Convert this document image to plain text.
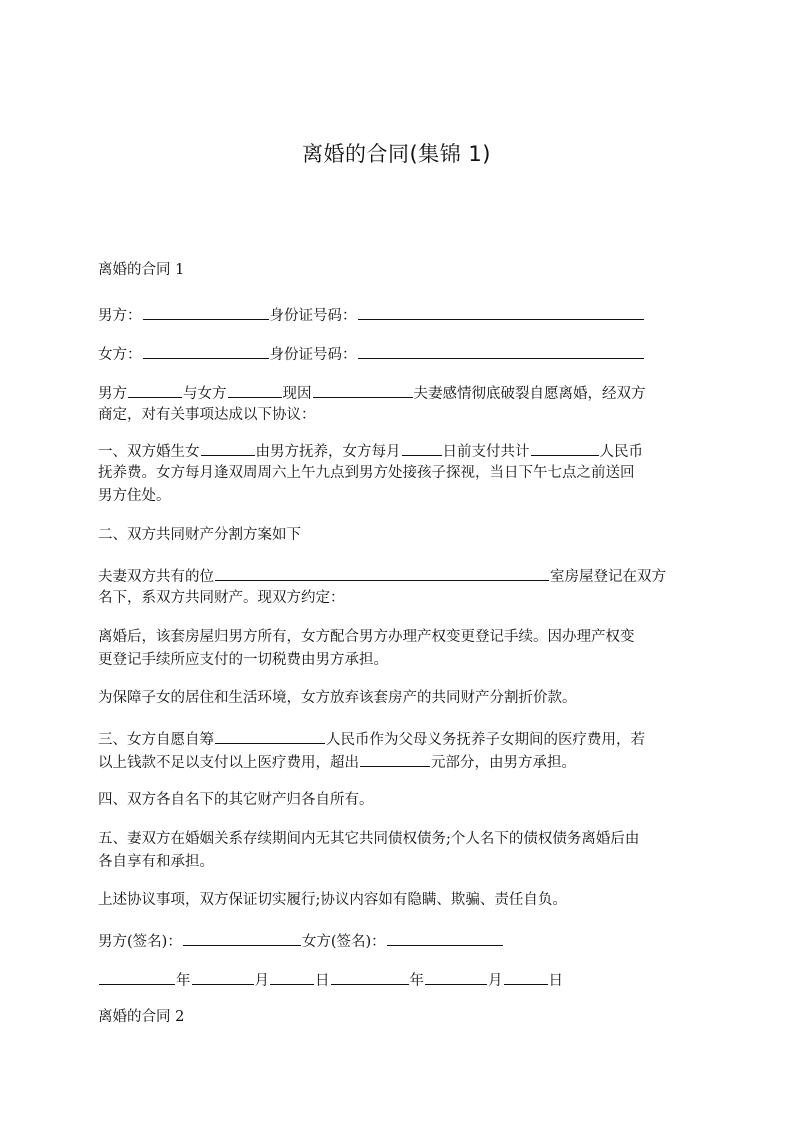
离婚的合同(集锦 1)
离婚的合同 1
男方：	身份证号码：
女方：	身份证号码：
男方	与女方	现因	夫妻感情彻底破裂自愿离婚，经双方
商定，对有关事项达成以下协议：
一、双方婚生女	由男方抚养，女方每月	日前支付共计	人民币
抚养费。女方每月逢双周周六上午九点到男方处接孩子探视，当日下午七点之前送回
男方住处。
二、双方共同财产分割方案如下
夫妻双方共有的位	室房屋登记在双方
名下，系双方共同财产。现双方约定：
离婚后，该套房屋归男方所有，女方配合男方办理产权变更登记手续。因办理产权变
更登记手续所应支付的一切税费由男方承担。
为保障子女的居住和生活环境，女方放弃该套房产的共同财产分割折价款。
三、女方自愿自筹	人民币作为父母义务抚养子女期间的医疗费用，若
以上钱款不足以支付以上医疗费用，超出	元部分，由男方承担。
四、双方各自名下的其它财产归各自所有。
五、妻双方在婚姻关系存续期间内无其它共同债权债务;个人名下的债权债务离婚后由
各自享有和承担。
上述协议事项，双方保证切实履行;协议内容如有隐瞒、欺骗、责任自负。
男方(签名)：	女方(签名)：
年	月	日	年	月	日
离婚的合同 2
